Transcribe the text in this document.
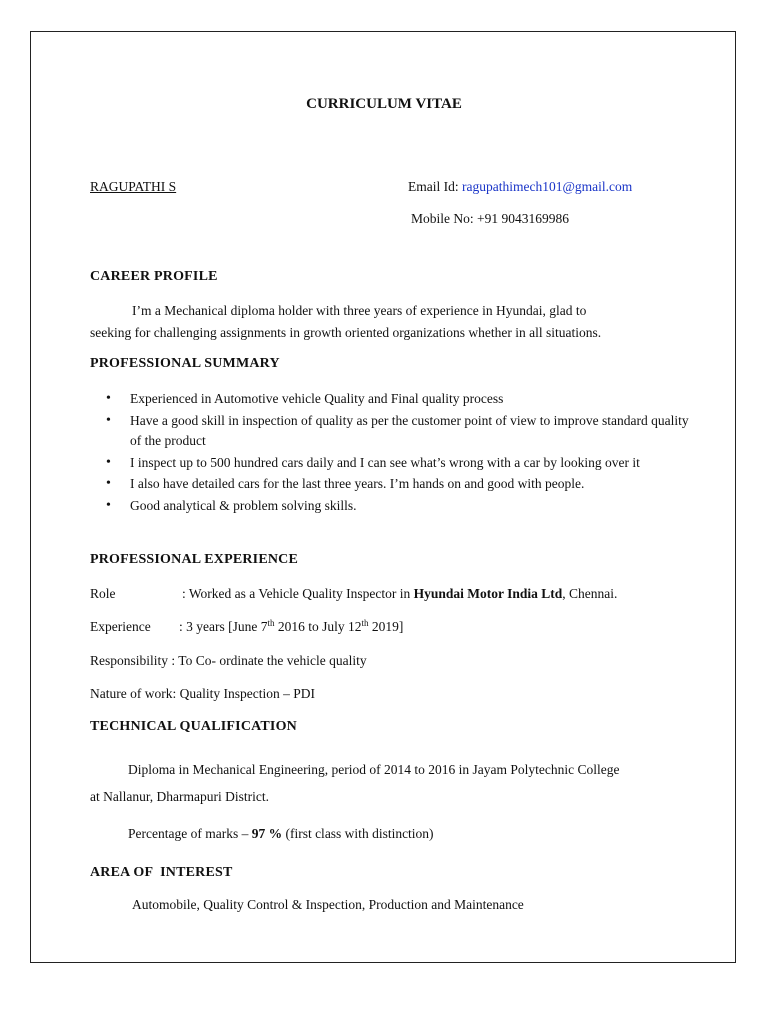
CURRICULUM VITAE
RAGUPATHI S	Email Id: ragupathimech101@gmail.com
Mobile No: +91 9043169986
CAREER PROFILE
I’m a Mechanical diploma holder with three years of experience in Hyundai, glad to
seeking for challenging assignments in growth oriented organizations whether in all situations.
PROFESSIONAL SUMMARY
• Experienced in Automotive vehicle Quality and Final quality process
• Have a good skill in inspection of quality as per the customer point of view to improve standard quality of the product
• I inspect up to 500 hundred cars daily and I can see what’s wrong with a car by looking over it
• I also have detailed cars for the last three years. I’m hands on and good with people.
• Good analytical & problem solving skills.
PROFESSIONAL EXPERIENCE
Role	: Worked as a Vehicle Quality Inspector in Hyundai Motor India Ltd, Chennai.
Experience : 3 years [June 7th 2016 to July 12th 2019]
Responsibility : To Co- ordinate the vehicle quality
Nature of work: Quality Inspection – PDI
TECHNICAL QUALIFICATION
Diploma in Mechanical Engineering, period of 2014 to 2016 in Jayam Polytechnic College
at Nallanur, Dharmapuri District.
Percentage of marks – 97 % (first class with distinction)
AREA OF  INTEREST
Automobile, Quality Control & Inspection, Production and Maintenance
